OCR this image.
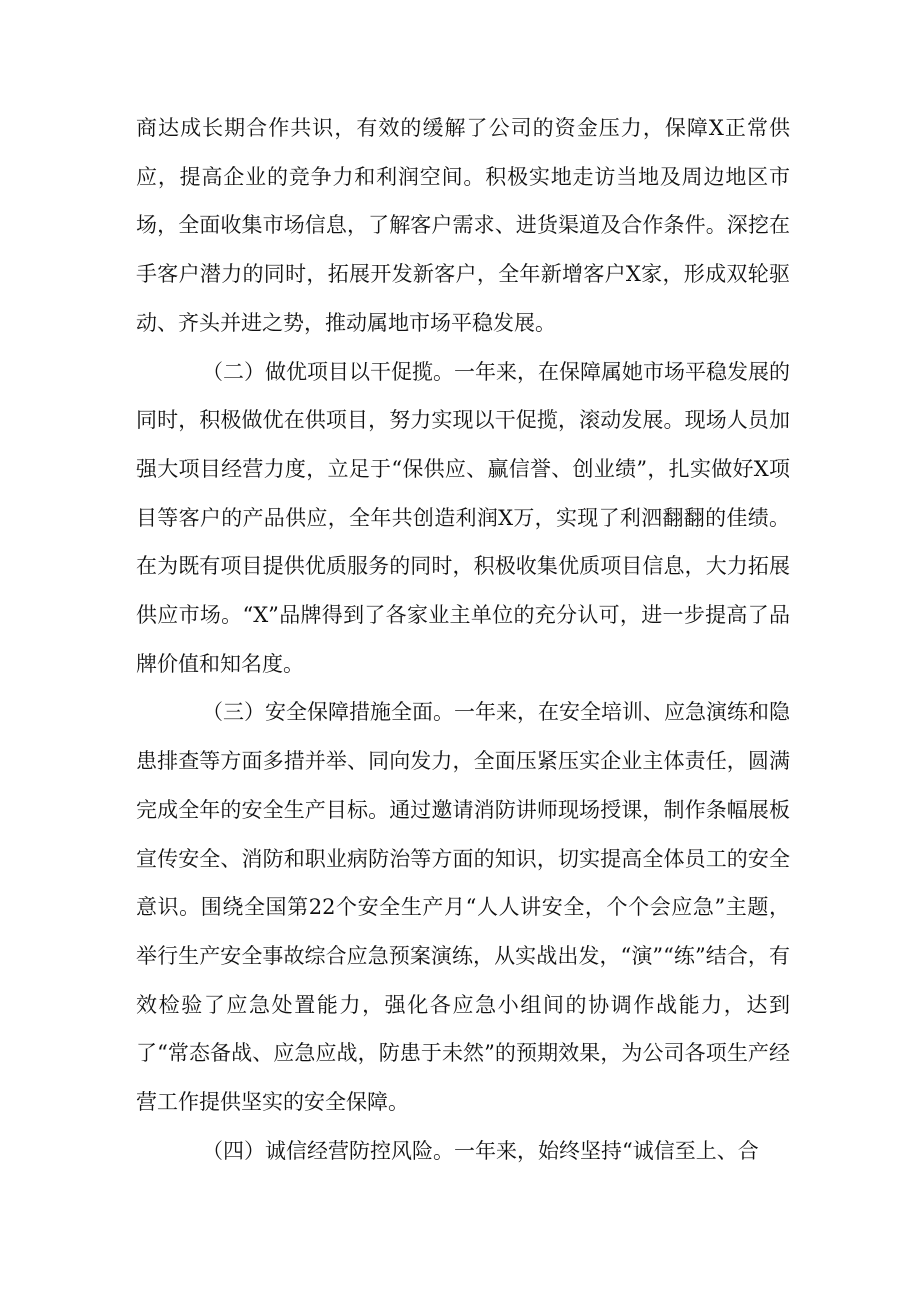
商达成长期合作共识，有效的缓解了公司的资金压力，保障X正常供应，提高企业的竞争力和利润空间。积极实地走访当地及周边地区市场，全面收集市场信息，了解客户需求、进货渠道及合作条件。深挖在手客户潜力的同时，拓展开发新客户，全年新增客户X家，形成双轮驱动、齐头并进之势，推动属地市场平稳发展。

（二）做优项目以干促揽。一年来，在保障属她市场平稳发展的同时，积极做优在供项目，努力实现以干促揽，滚动发展。现场人员加强大项目经营力度，立足于“保供应、赢信誉、创业绩”，扎实做好X项目等客户的产品供应，全年共创造利润X万，实现了利泗翻翻的佳绩。在为既有项目提供优质服务的同时，积极收集优质项目信息，大力拓展供应市场。“X”品牌得到了各家业主单位的充分认可，进一步提高了品牌价值和知名度。

（三）安全保障措施全面。一年来，在安全培训、应急演练和隐患排查等方面多措并举、同向发力，全面压紧压实企业主体责任，圆满完成全年的安全生产目标。通过邀请消防讲师现场授课，制作条幅展板宣传安全、消防和职业病防治等方面的知识，切实提高全体员工的安全意识。围绕全国第22个安全生产月“人人讲安全，个个会应急”主题，举行生产安全事故综合应急预案演练，从实战出发，“演”“练”结合，有效检验了应急处置能力，强化各应急小组间的协调作战能力，达到了“常态备战、应急应战，防患于未然”的预期效果，为公司各项生产经营工作提供坚实的安全保障。

（四）诚信经营防控风险。一年来，始终坚持“诚信至上、合
